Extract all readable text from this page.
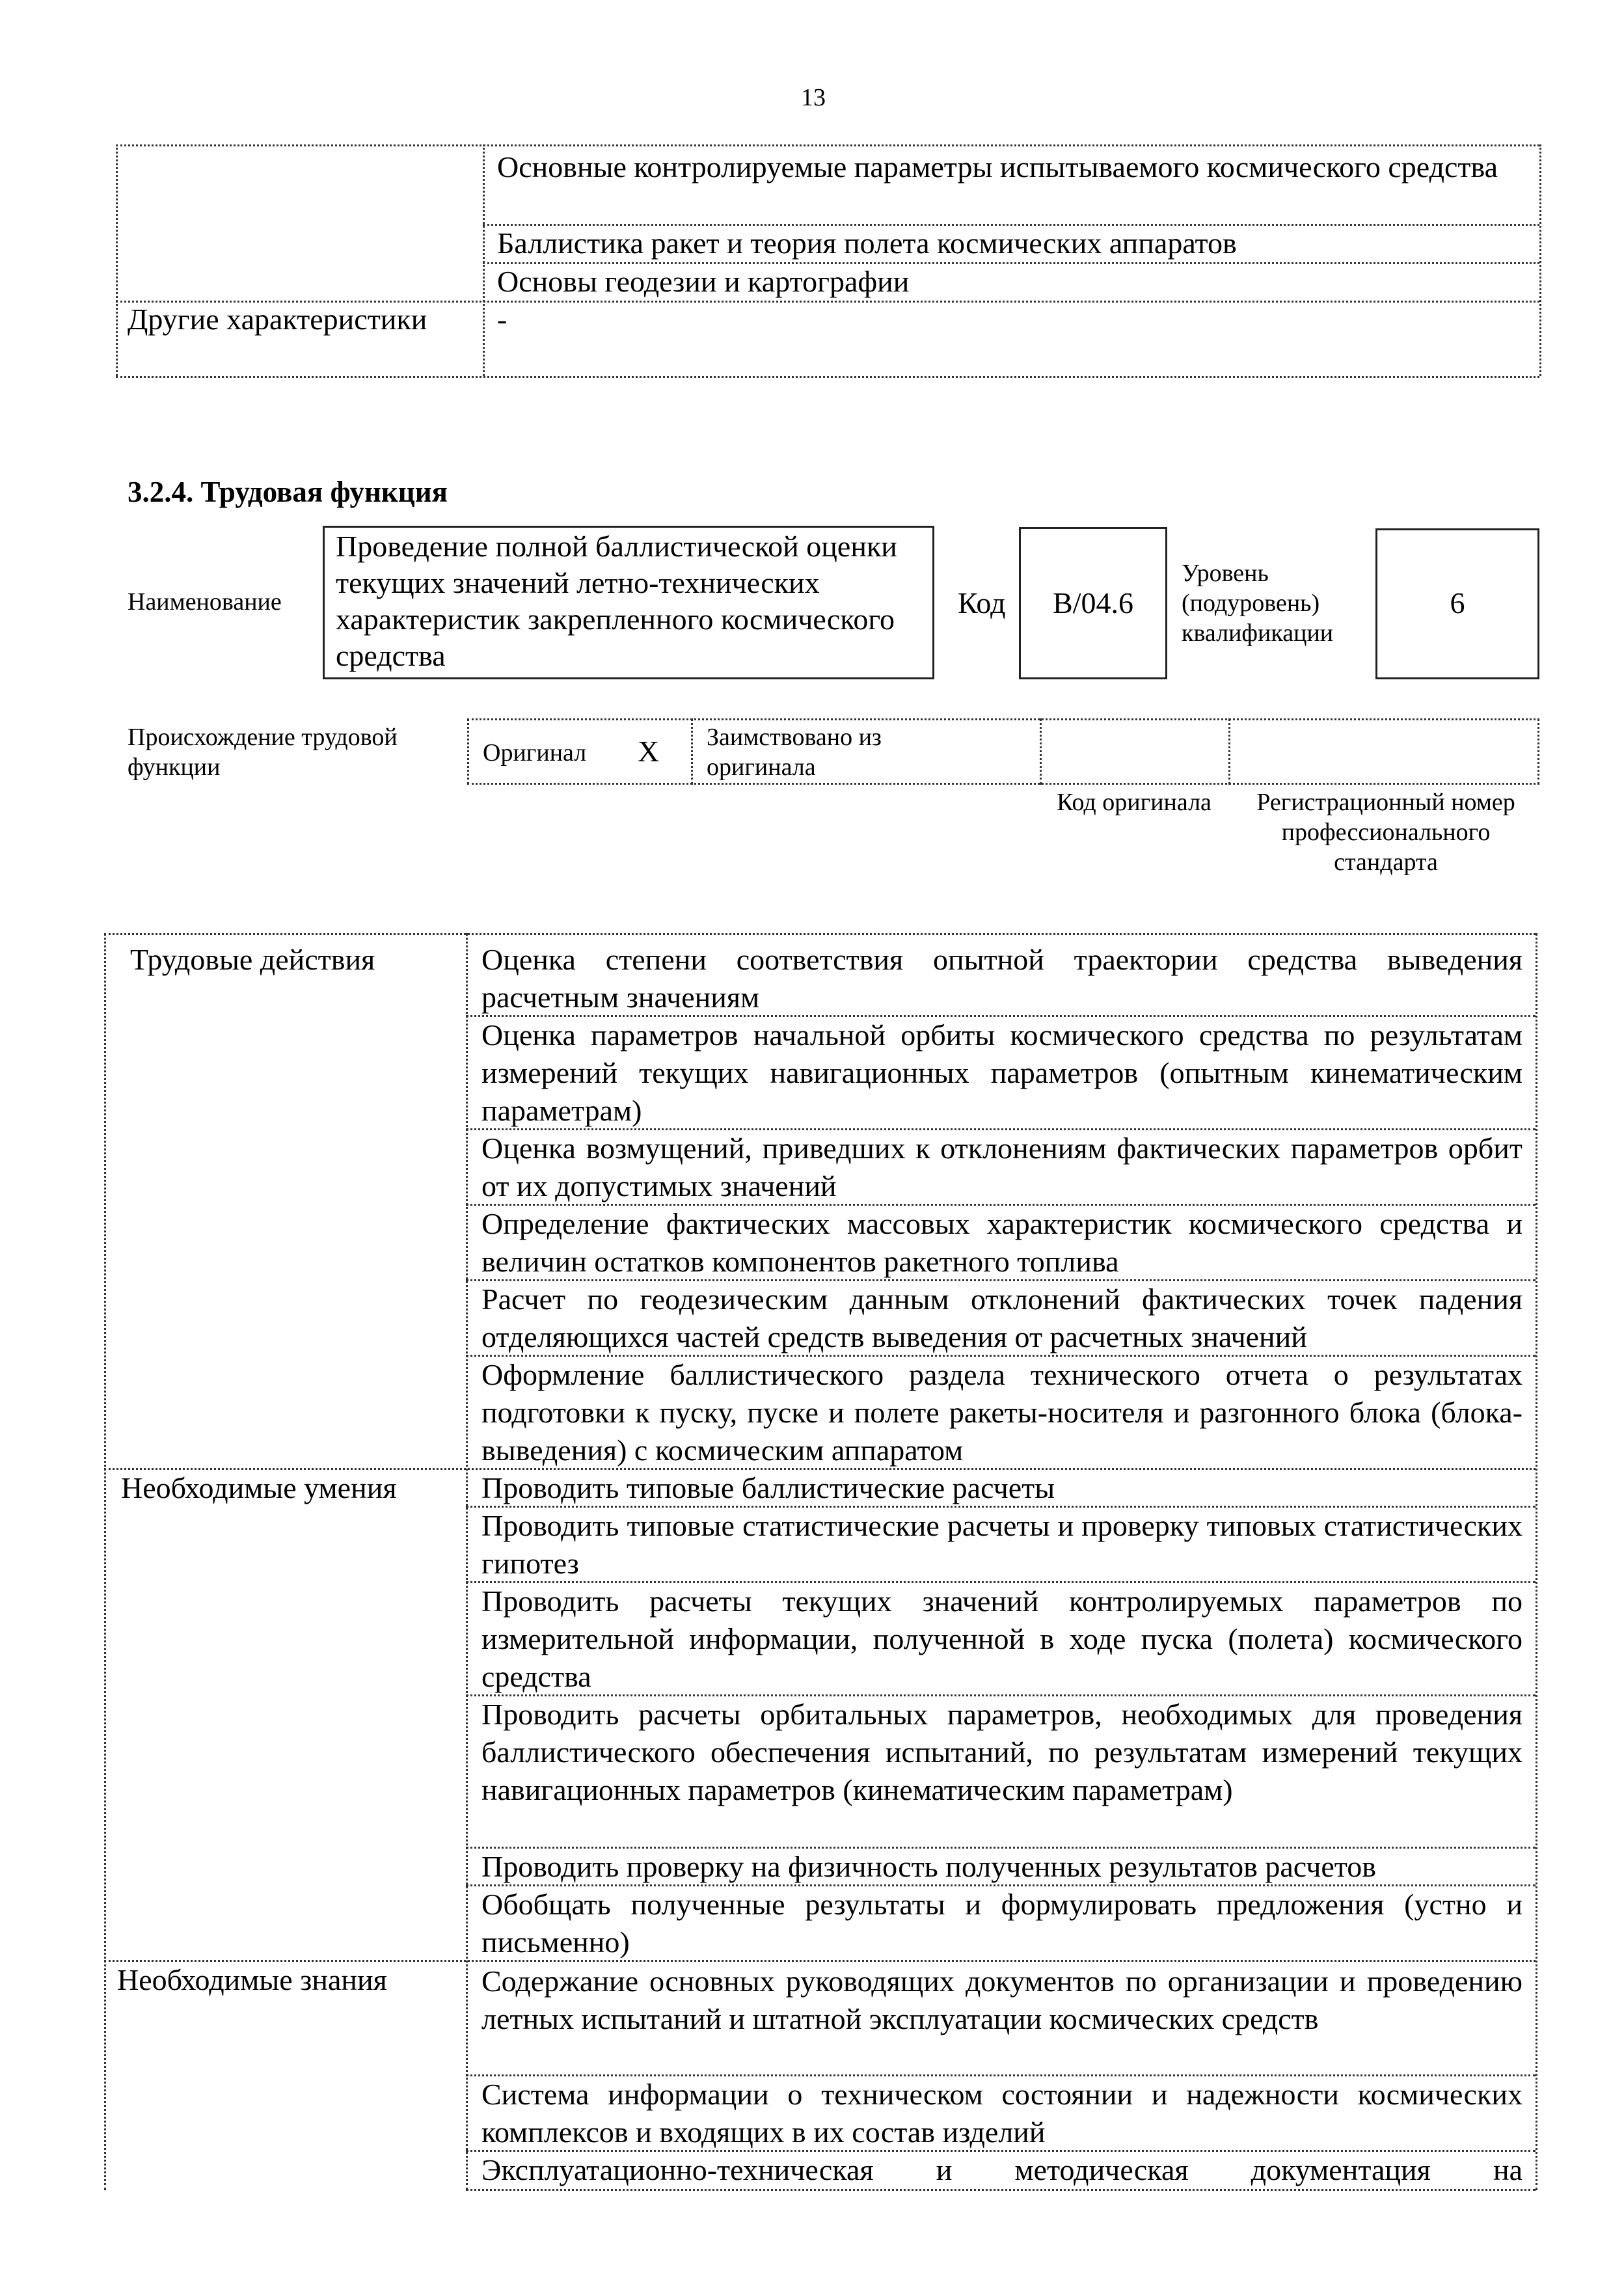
13
Основные контролируемые параметры испытываемого космического средства
Баллистика ракет и теория полета космических аппаратов
Основы геодезии и картографии
Другие характеристики -
3.2.4. Трудовая функция
Наименование
Проведение полной баллистической оценки текущих значений летно-технических характеристик закрепленного космического средства
Код	B/04.6
Уровень (подуровень) квалификации
6
Происхождение трудовой функции
Оригинал X Заимствовано из оригинала
Код оригинала	Регистрационный номер профессионального стандарта
Трудовые действия	Оценка степени соответствия опытной траектории средства выведения расчетным значениям
Оценка параметров начальной орбиты космического средства по результатам измерений текущих навигационных параметров (опытным кинематическим параметрам)
Оценка возмущений, приведших к отклонениям фактических параметров орбит от их допустимых значений
Определение фактических массовых характеристик космического средства и величин остатков компонентов ракетного топлива
Расчет по геодезическим данным отклонений фактических точек падения отделяющихся частей средств выведения от расчетных значений
Оформление баллистического раздела технического отчета о результатах подготовки к пуску, пуске и полете ракеты-носителя и разгонного блока (блока-выведения) с космическим аппаратом
Необходимые умения	Проводить типовые баллистические расчеты
Проводить типовые статистические расчеты и проверку типовых статистических гипотез
Проводить расчеты текущих значений контролируемых параметров по измерительной информации, полученной в ходе пуска (полета) космического средства
Проводить расчеты орбитальных параметров, необходимых для проведения баллистического обеспечения испытаний, по результатам измерений текущих навигационных параметров (кинематическим параметрам)
Проводить проверку на физичность полученных результатов расчетов
Обобщать полученные результаты и формулировать предложения (устно и письменно)
Необходимые знания	Содержание основных руководящих документов по организации и проведению летных испытаний и штатной эксплуатации космических средств
Система информации о техническом состоянии и надежности космических комплексов и входящих в их состав изделий
Эксплуатационно-техническая и методическая документация на
